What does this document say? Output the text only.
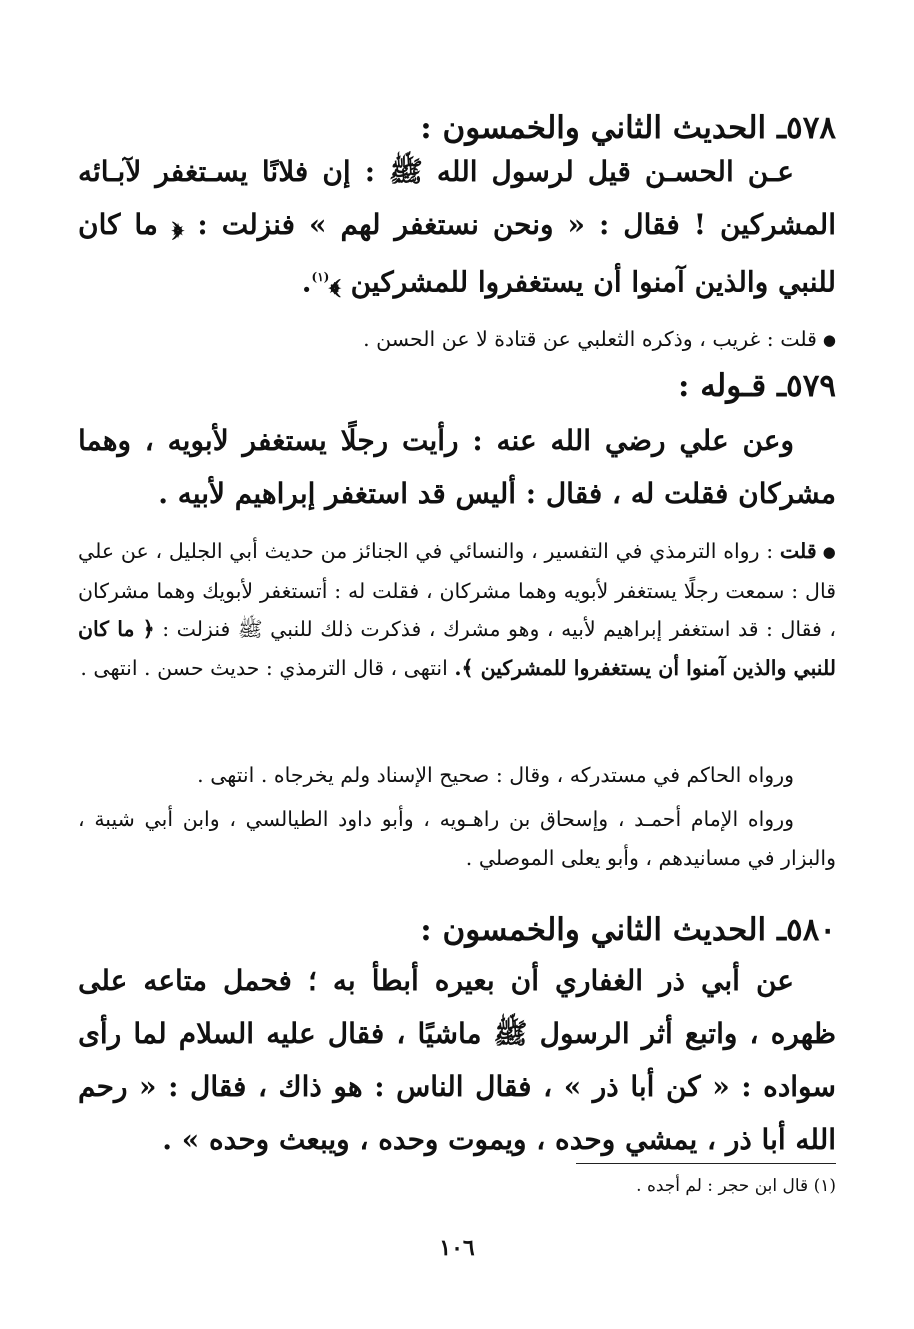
٥٧٨ـ الحديث الثاني والخمسون :
عـن الحسـن قيل لرسول الله ﷺ : إن فلانًا يسـتغفر لآبـائه المشركين ! فقال : « ونحن نستغفر لهم » فنزلت : ﴿ ما كان للنبي والذين آمنوا أن يستغفروا للمشركين ﴾$^{(١)}$.
●قلت : غريب ، وذكره الثعلبي عن قتادة لا عن الحسن .
٥٧٩ـ قـوله :
وعن علي رضي الله عنه : رأيت رجلًا يستغفر لأبويه ، وهما مشركان فقلت له ، فقال : أليس قد استغفر إبراهيم لأبيه .
●قلت : رواه الترمذي في التفسير ، والنسائي في الجنائز من حديث أبي الجليل ، عن علي قال : سمعت رجلًا يستغفر لأبويه وهما مشركان ، فقلت له : أتستغفر لأبويك وهما مشركان ، فقال : قد استغفر إبراهيم لأبيه ، وهو مشرك ، فذكرت ذلك للنبي ﷺ فنزلت : ﴿ ما كان للنبي والذين آمنوا أن يستغفروا للمشركين ﴾. انتهى ، قال الترمذي : حديث حسن . انتهى .
ورواه الحاكم في مستدركه ، وقال : صحيح الإسناد ولم يخرجاه . انتهى .
ورواه الإمام أحمـد ، وإسحاق بن راهـويه ، وأبو داود الطيالسي ، وابن أبي شيبة ، والبزار في مسانيدهم ، وأبو يعلى الموصلي .
٥٨٠ـ الحديث الثاني والخمسون :
عن أبي ذر الغفاري أن بعيره أبطأ به ؛ فحمل متاعه على ظهره ، واتبع أثر الرسول ﷺ ماشيًا ، فقال عليه السلام لما رأى سواده : « كن أبا ذر » ، فقال الناس : هو ذاك ، فقال : « رحم الله أبا ذر ، يمشي وحده ، ويموت وحده ، ويبعث وحده » .
(١) قال ابن حجر : لم أجده .
١٠٦
